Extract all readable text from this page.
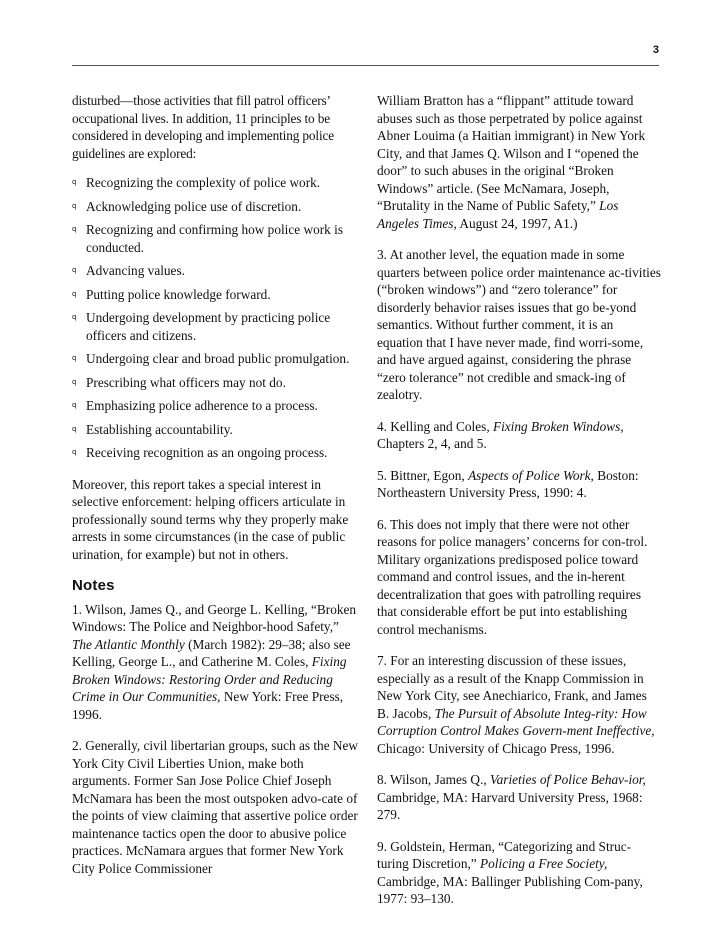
3

disturbed—those activities that fill patrol officers’ occupational lives. In addition, 11 principles to be considered in developing and implementing police guidelines are explored:

q Recognizing the complexity of police work.
q Acknowledging police use of discretion.
q Recognizing and confirming how police work is conducted.
q Advancing values.
q Putting police knowledge forward.
q Undergoing development by practicing police officers and citizens.
q Undergoing clear and broad public promulgation.
q Prescribing what officers may not do.
q Emphasizing police adherence to a process.
q Establishing accountability.
q Receiving recognition as an ongoing process.

Moreover, this report takes a special interest in selective enforcement: helping officers articulate in professionally sound terms why they properly make arrests in some circumstances (in the case of public urination, for example) but not in others.

Notes

1. Wilson, James Q., and George L. Kelling, “Broken Windows: The Police and Neighbor-hood Safety,” The Atlantic Monthly (March 1982): 29–38; also see Kelling, George L., and Catherine M. Coles, Fixing Broken Windows: Restoring Order and Reducing Crime in Our Communities, New York: Free Press, 1996.

2. Generally, civil libertarian groups, such as the New York City Civil Liberties Union, make both arguments. Former San Jose Police Chief Joseph McNamara has been the most outspoken advo-cate of the points of view claiming that assertive police order maintenance tactics open the door to abusive police practices. McNamara argues that former New York City Police Commissioner

William Bratton has a “flippant” attitude toward abuses such as those perpetrated by police against Abner Louima (a Haitian immigrant) in New York City, and that James Q. Wilson and I “opened the door” to such abuses in the original “Broken Windows” article. (See McNamara, Joseph, “Brutality in the Name of Public Safety,” Los Angeles Times, August 24, 1997, A1.)

3. At another level, the equation made in some quarters between police order maintenance ac-tivities (“broken windows”) and “zero tolerance” for disorderly behavior raises issues that go be-yond semantics. Without further comment, it is an equation that I have never made, find worri-some, and have argued against, considering the phrase “zero tolerance” not credible and smack-ing of zealotry.

4. Kelling and Coles, Fixing Broken Windows, Chapters 2, 4, and 5.

5. Bittner, Egon, Aspects of Police Work, Boston: Northeastern University Press, 1990: 4.

6. This does not imply that there were not other reasons for police managers’ concerns for con-trol. Military organizations predisposed police toward command and control issues, and the in-herent decentralization that goes with patrolling requires that considerable effort be put into establishing control mechanisms.

7. For an interesting discussion of these issues, especially as a result of the Knapp Commission in New York City, see Anechiarico, Frank, and James B. Jacobs, The Pursuit of Absolute Integ-rity: How Corruption Control Makes Govern-ment Ineffective, Chicago: University of Chicago Press, 1996.

8. Wilson, James Q., Varieties of Police Behav-ior, Cambridge, MA: Harvard University Press, 1968: 279.

9. Goldstein, Herman, “Categorizing and Struc-turing Discretion,” Policing a Free Society, Cambridge, MA: Ballinger Publishing Com-pany, 1977: 93–130.
